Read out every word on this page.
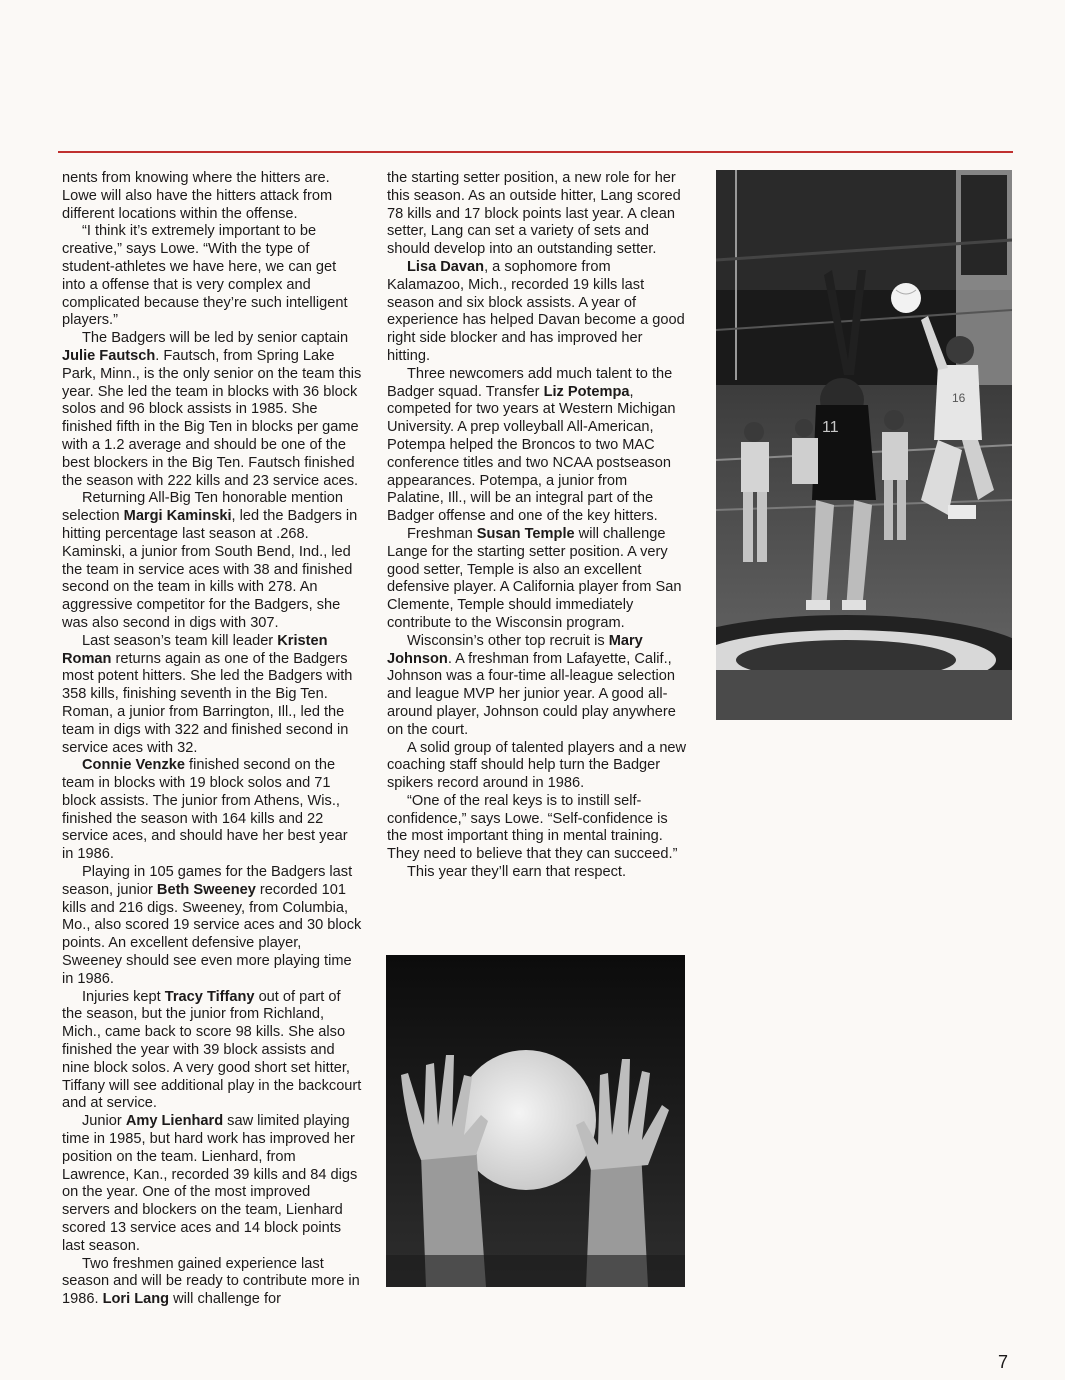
nents from knowing where the hitters are. Lowe will also have the hitters attack from different locations within the offense.

“I think it’s extremely important to be creative,” says Lowe. “With the type of student-athletes we have here, we can get into a offense that is very complex and complicated because they’re such intelligent players.”

The Badgers will be led by senior captain Julie Fautsch. Fautsch, from Spring Lake Park, Minn., is the only senior on the team this year. She led the team in blocks with 36 block solos and 96 block assists in 1985. She finished fifth in the Big Ten in blocks per game with a 1.2 average and should be one of the best blockers in the Big Ten. Fautsch finished the season with 222 kills and 23 service aces.

Returning All-Big Ten honorable mention selection Margi Kaminski, led the Badgers in hitting percentage last season at .268. Kaminski, a junior from South Bend, Ind., led the team in service aces with 38 and finished second on the team in kills with 278. An aggressive competitor for the Badgers, she was also second in digs with 307.

Last season’s team kill leader Kristen Roman returns again as one of the Badgers most potent hitters. She led the Badgers with 358 kills, finishing seventh in the Big Ten. Roman, a junior from Barrington, Ill., led the team in digs with 322 and finished second in service aces with 32.

Connie Venzke finished second on the team in blocks with 19 block solos and 71 block assists. The junior from Athens, Wis., finished the season with 164 kills and 22 service aces, and should have her best year in 1986.

Playing in 105 games for the Badgers last season, junior Beth Sweeney recorded 101 kills and 216 digs. Sweeney, from Columbia, Mo., also scored 19 service aces and 30 block points. An excellent defensive player, Sweeney should see even more playing time in 1986.

Injuries kept Tracy Tiffany out of part of the season, but the junior from Richland, Mich., came back to score 98 kills. She also finished the year with 39 block assists and nine block solos. A very good short set hitter, Tiffany will see additional play in the backcourt and at service.

Junior Amy Lienhard saw limited playing time in 1985, but hard work has improved her position on the team. Lienhard, from Lawrence, Kan., recorded 39 kills and 84 digs on the year. One of the most improved servers and blockers on the team, Lienhard scored 13 service aces and 14 block points last season.

Two freshmen gained experience last season and will be ready to contribute more in 1986. Lori Lang will challenge for

the starting setter position, a new role for her this season. As an outside hitter, Lang scored 78 kills and 17 block points last year. A clean setter, Lang can set a variety of sets and should develop into an outstanding setter.

Lisa Davan, a sophomore from Kalamazoo, Mich., recorded 19 kills last season and six block assists. A year of experience has helped Davan become a good right side blocker and has improved her hitting.

Three newcomers add much talent to the Badger squad. Transfer Liz Potempa, competed for two years at Western Michigan University. A prep volleyball All-American, Potempa helped the Broncos to two MAC conference titles and two NCAA postseason appearances. Potempa, a junior from Palatine, Ill., will be an integral part of the Badger offense and one of the key hitters.

Freshman Susan Temple will challenge Lange for the starting setter position. A very good setter, Temple is also an excellent defensive player. A California player from San Clemente, Temple should immediately contribute to the Wisconsin program.

Wisconsin’s other top recruit is Mary Johnson. A freshman from Lafayette, Calif., Johnson was a four-time all-league selection and league MVP her junior year. A good all-around player, Johnson could play anywhere on the court.

A solid group of talented players and a new coaching staff should help turn the Badger spikers record around in 1986.

“One of the real keys is to instill self-confidence,” says Lowe. “Self-confidence is the most important thing in mental training. They need to believe that they can succeed.”

This year they’ll earn that respect.

11
16
7
